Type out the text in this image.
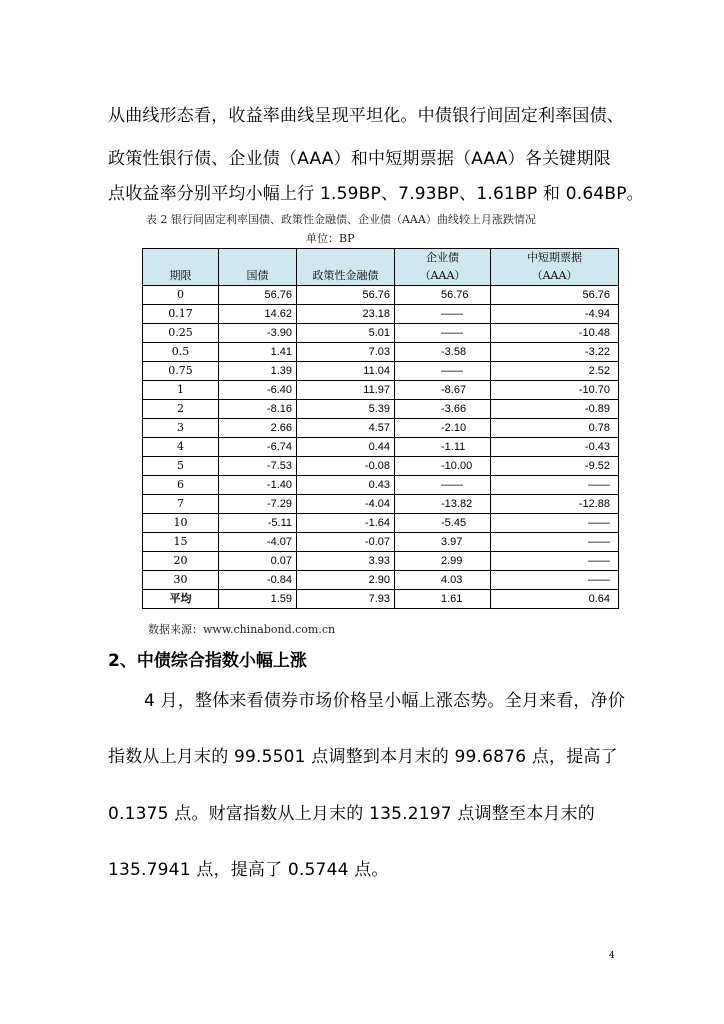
从曲线形态看，收益率曲线呈现平坦化。中债银行间固定利率国债、
政策性银行债、企业债（AAA）和中短期票据（AAA）各关键期限
点收益率分别平均小幅上行 1.59BP、7.93BP、1.61BP 和 0.64BP。
表 2 银行间固定利率国债、政策性金融债、企业债（AAA）曲线较上月涨跌情况
单位：BP
			企业债	中短期票据
期限	国债	政策性金融债	（AAA）	（AAA）
0	56.76	56.76	56.76	56.76
0.17	14.62	23.18	——	-4.94
0.25	-3.90	5.01	——	-10.48
0.5	1.41	7.03	-3.58	-3.22
0.75	1.39	11.04	——	2.52
1	-6.40	11.97	-8.67	-10.70
2	-8.16	5.39	-3.66	-0.89
3	2.66	4.57	-2.10	0.78
4	-6.74	0.44	-1.11	-0.43
5	-7.53	-0.08	-10.00	-9.52
6	-1.40	0.43	——	——
7	-7.29	-4.04	-13.82	-12.88
10	-5.11	-1.64	-5.45	——
15	-4.07	-0.07	3.97	——
20	0.07	3.93	2.99	——
30	-0.84	2.90	4.03	——
平均	1.59	7.93	1.61	0.64
数据来源：www.chinabond.com.cn
2、中债综合指数小幅上涨
4 月，整体来看债券市场价格呈小幅上涨态势。全月来看，净价
指数从上月末的 99.5501 点调整到本月末的 99.6876 点，提高了
0.1375 点。财富指数从上月末的 135.2197 点调整至本月末的
135.7941 点，提高了 0.5744 点。
4
